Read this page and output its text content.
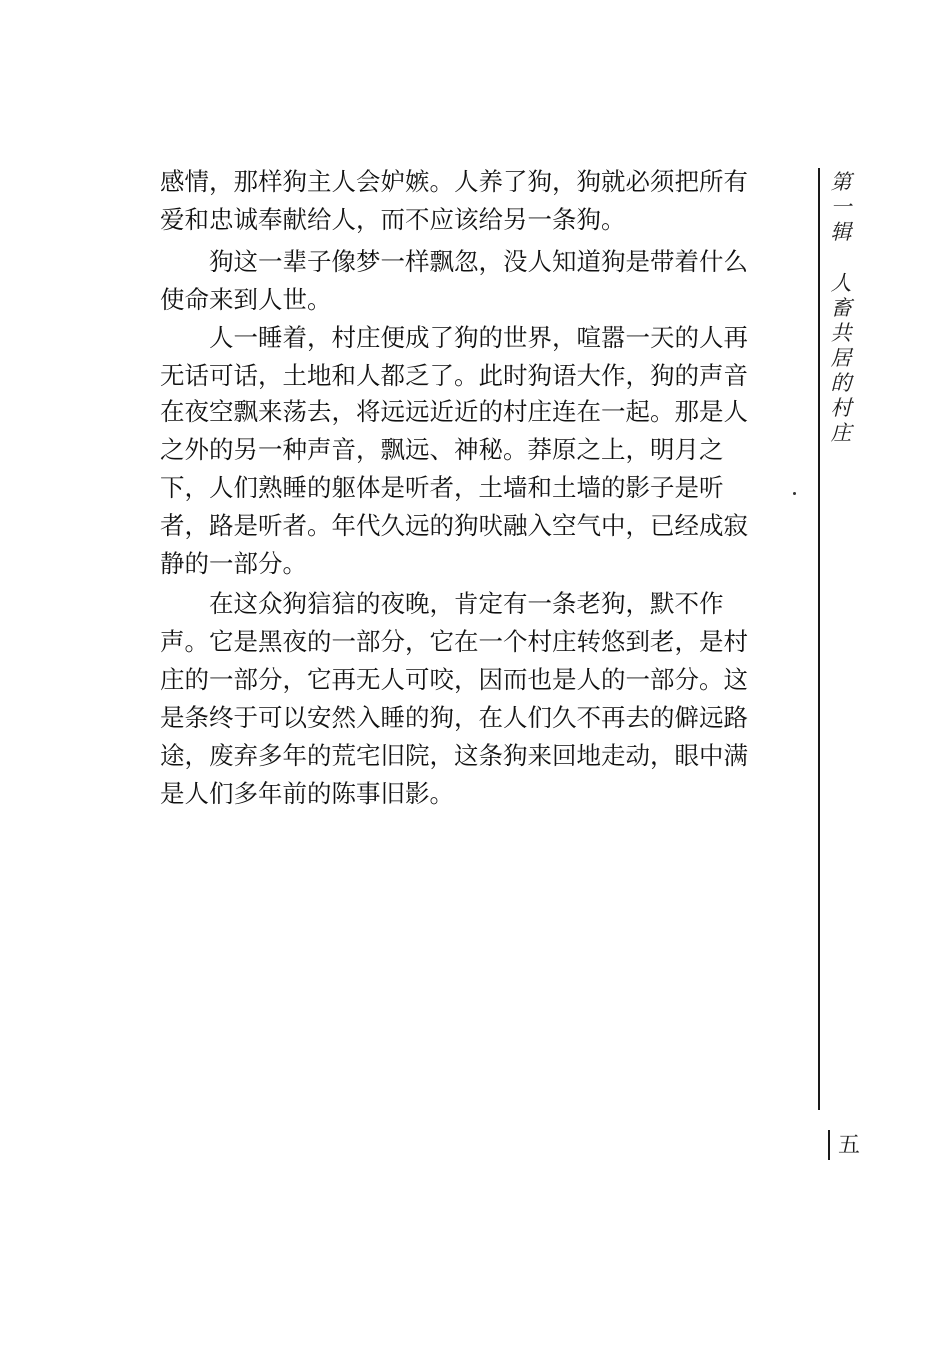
感情，那样狗主人会妒嫉。人养了狗，狗就必须把所有
爱和忠诚奉献给人，而不应该给另一条狗。
　　狗这一辈子像梦一样飘忽，没人知道狗是带着什么
使命来到人世。
　　人一睡着，村庄便成了狗的世界，喧嚣一天的人再
无话可话，土地和人都乏了。此时狗语大作，狗的声音
在夜空飘来荡去，将远远近近的村庄连在一起。那是人
之外的另一种声音，飘远、神秘。莽原之上，明月之
下，人们熟睡的躯体是听者，土墙和土墙的影子是听
者，路是听者。年代久远的狗吠融入空气中，已经成寂
静的一部分。
　　在这众狗狺狺的夜晚，肯定有一条老狗，默不作
声。它是黑夜的一部分，它在一个村庄转悠到老，是村
庄的一部分，它再无人可咬，因而也是人的一部分。这
是条终于可以安然入睡的狗，在人们久不再去的僻远路
途，废弃多年的荒宅旧院，这条狗来回地走动，眼中满
是人们多年前的陈事旧影。
第
一
辑
人
畜
共
居
的
村
庄
五
